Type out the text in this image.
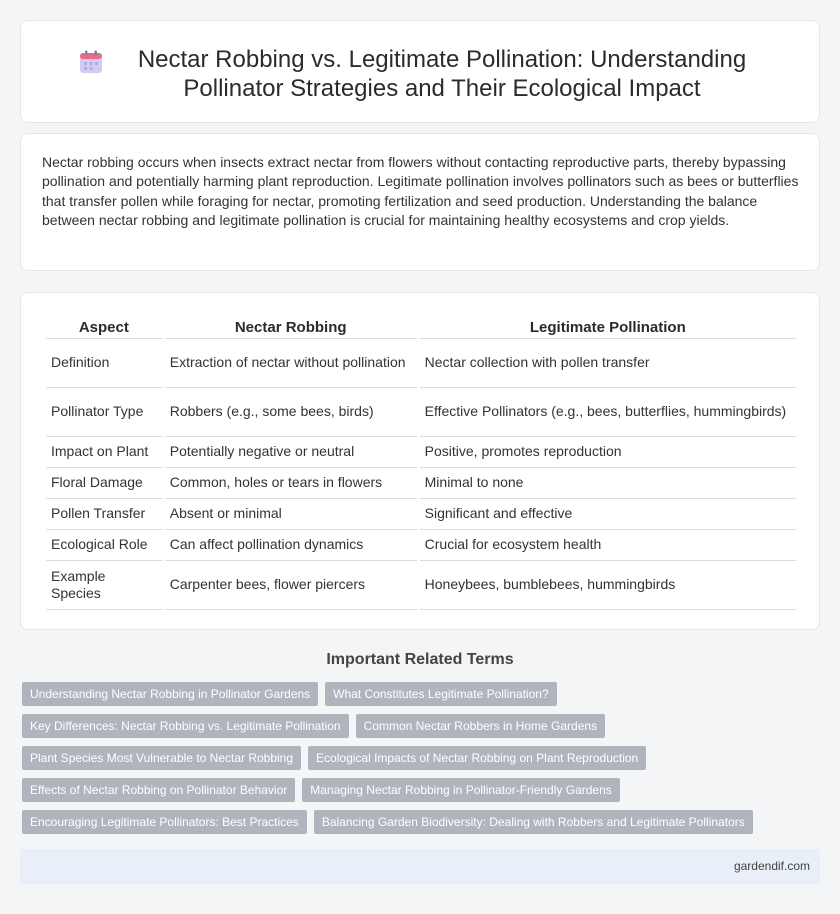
Nectar Robbing vs. Legitimate Pollination: Understanding Pollinator Strategies and Their Ecological Impact

Nectar robbing occurs when insects extract nectar from flowers without contacting reproductive parts, thereby bypassing pollination and potentially harming plant reproduction. Legitimate pollination involves pollinators such as bees or butterflies that transfer pollen while foraging for nectar, promoting fertilization and seed production. Understanding the balance between nectar robbing and legitimate pollination is crucial for maintaining healthy ecosystems and crop yields.

Aspect	Nectar Robbing	Legitimate Pollination
Definition	Extraction of nectar without pollination	Nectar collection with pollen transfer
Pollinator Type	Robbers (e.g., some bees, birds)	Effective Pollinators (e.g., bees, butterflies, hummingbirds)
Impact on Plant	Potentially negative or neutral	Positive, promotes reproduction
Floral Damage	Common, holes or tears in flowers	Minimal to none
Pollen Transfer	Absent or minimal	Significant and effective
Ecological Role	Can affect pollination dynamics	Crucial for ecosystem health
Example Species	Carpenter bees, flower piercers	Honeybees, bumblebees, hummingbirds
Important Related Terms
Understanding Nectar Robbing in Pollinator Gardens	What Constitutes Legitimate Pollination?
Key Differences: Nectar Robbing vs. Legitimate Pollination	Common Nectar Robbers in Home Gardens
Plant Species Most Vulnerable to Nectar Robbing	Ecological Impacts of Nectar Robbing on Plant Reproduction
Effects of Nectar Robbing on Pollinator Behavior	Managing Nectar Robbing in Pollinator-Friendly Gardens
Encouraging Legitimate Pollinators: Best Practices	Balancing Garden Biodiversity: Dealing with Robbers and Legitimate Pollinators
gardendif.com
